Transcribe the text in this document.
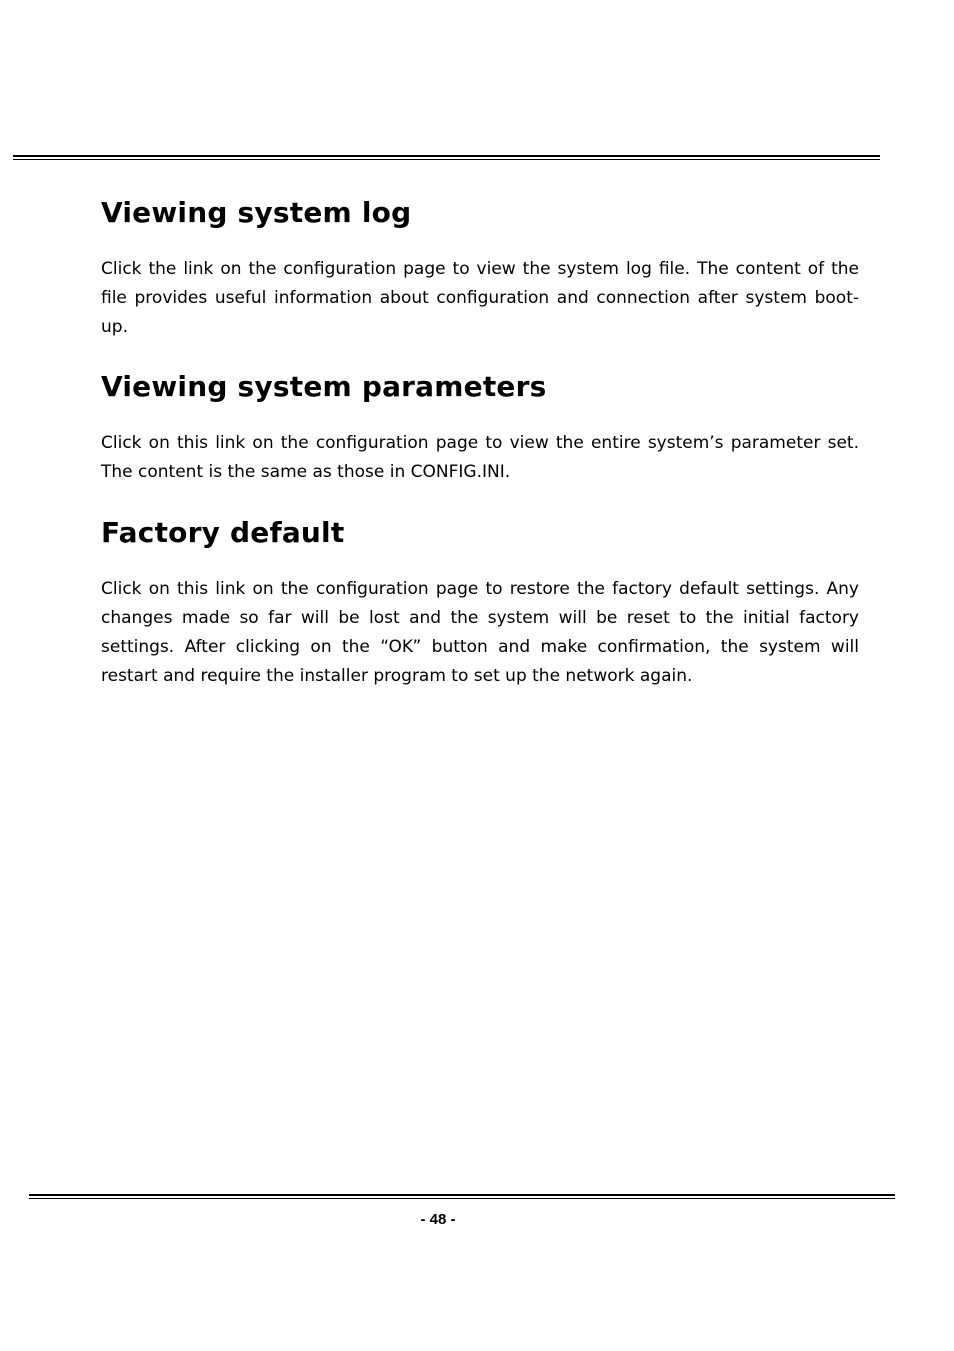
Viewing system log

Click the link on the configuration page to view the system log file. The content of the file provides useful information about configuration and connection after system boot-up.

Viewing system parameters

Click on this link on the configuration page to view the entire system’s parameter set. The content is the same as those in CONFIG.INI.

Factory default

Click on this link on the configuration page to restore the factory default settings. Any changes made so far will be lost and the system will be reset to the initial factory settings. After clicking on the “OK” button and make confirmation, the system will restart and require the installer program to set up the network again.

- 48 -
